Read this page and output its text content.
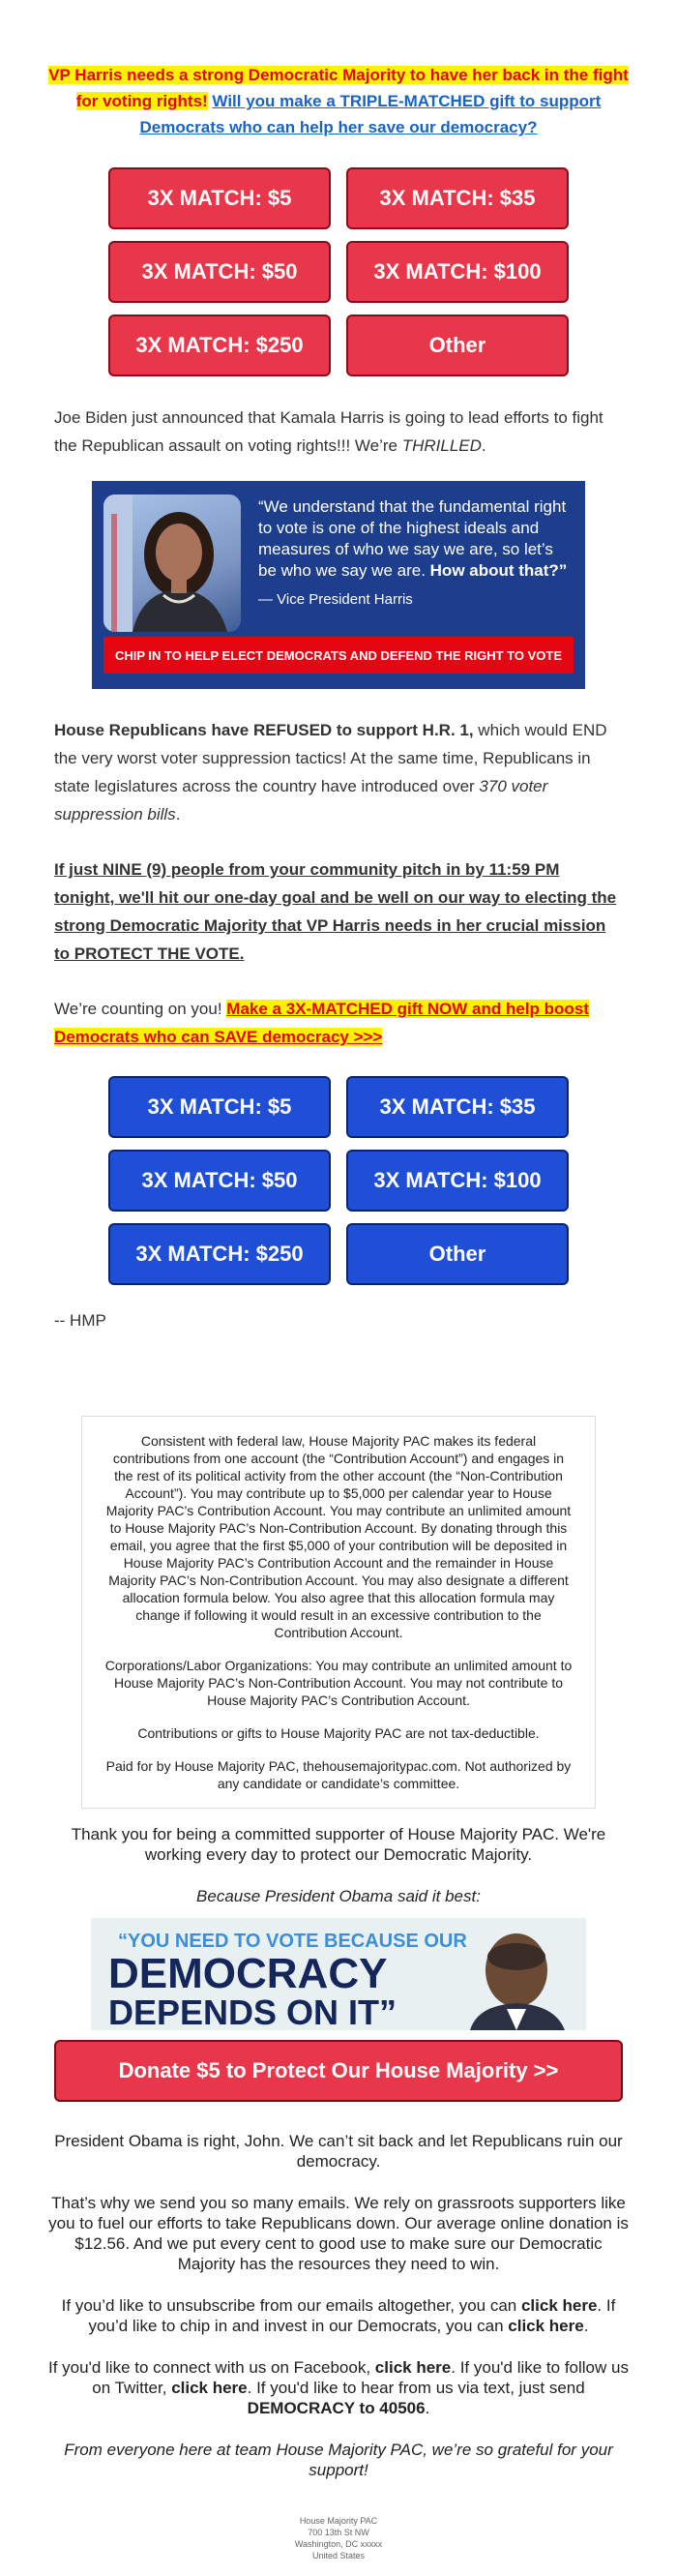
VP Harris needs a strong Democratic Majority to have her back in the fight for voting rights! Will you make a TRIPLE-MATCHED gift to support Democrats who can help her save our democracy?
3X MATCH: $5	3X MATCH: $35
3X MATCH: $50	3X MATCH: $100
3X MATCH: $250	Other
Joe Biden just announced that Kamala Harris is going to lead efforts to fight the Republican assault on voting rights!!! We’re THRILLED.
“We understand that the fundamental right to vote is one of the highest ideals and measures of who we say we are, so let’s be who we say we are. How about that?”
— Vice President Harris
CHIP IN TO HELP ELECT DEMOCRATS AND DEFEND THE RIGHT TO VOTE
House Republicans have REFUSED to support H.R. 1, which would END the very worst voter suppression tactics! At the same time, Republicans in state legislatures across the country have introduced over 370 voter suppression bills.
If just NINE (9) people from your community pitch in by 11:59 PM tonight, we'll hit our one-day goal and be well on our way to electing the strong Democratic Majority that VP Harris needs in her crucial mission to PROTECT THE VOTE.
We’re counting on you! Make a 3X-MATCHED gift NOW and help boost Democrats who can SAVE democracy >>>
3X MATCH: $5	3X MATCH: $35
3X MATCH: $50	3X MATCH: $100
3X MATCH: $250	Other
-- HMP

Consistent with federal law, House Majority PAC makes its federal contributions from one account (the “Contribution Account”) and engages in the rest of its political activity from the other account (the “Non-Contribution Account”). You may contribute up to $5,000 per calendar year to House Majority PAC’s Contribution Account. You may contribute an unlimited amount to House Majority PAC’s Non-Contribution Account. By donating through this email, you agree that the first $5,000 of your contribution will be deposited in House Majority PAC’s Contribution Account and the remainder in House Majority PAC’s Non-Contribution Account. You may also designate a different allocation formula below. You also agree that this allocation formula may change if following it would result in an excessive contribution to the Contribution Account.

Corporations/Labor Organizations: You may contribute an unlimited amount to House Majority PAC’s Non-Contribution Account. You may not contribute to House Majority PAC’s Contribution Account.

Contributions or gifts to House Majority PAC are not tax-deductible.

Paid for by House Majority PAC, thehousemajoritypac.com. Not authorized by any candidate or candidate’s committee.

Thank you for being a committed supporter of House Majority PAC. We're working every day to protect our Democratic Majority.
Because President Obama said it best:
“YOU NEED TO VOTE BECAUSE OUR
DEMOCRACY
DEPENDS ON IT”
Donate $5 to Protect Our House Majority >>
President Obama is right, John. We can’t sit back and let Republicans ruin our democracy.
That’s why we send you so many emails. We rely on grassroots supporters like you to fuel our efforts to take Republicans down. Our average online donation is $12.56. And we put every cent to good use to make sure our Democratic Majority has the resources they need to win.
If you’d like to unsubscribe from our emails altogether, you can click here. If you’d like to chip in and invest in our Democrats, you can click here.
If you'd like to connect with us on Facebook, click here. If you'd like to follow us on Twitter, click here. If you'd like to hear from us via text, just send DEMOCRACY to 40506.
From everyone here at team House Majority PAC, we’re so grateful for your support!
House Majority PAC
700 13th St NW
Washington, DC xxxxx
United States
